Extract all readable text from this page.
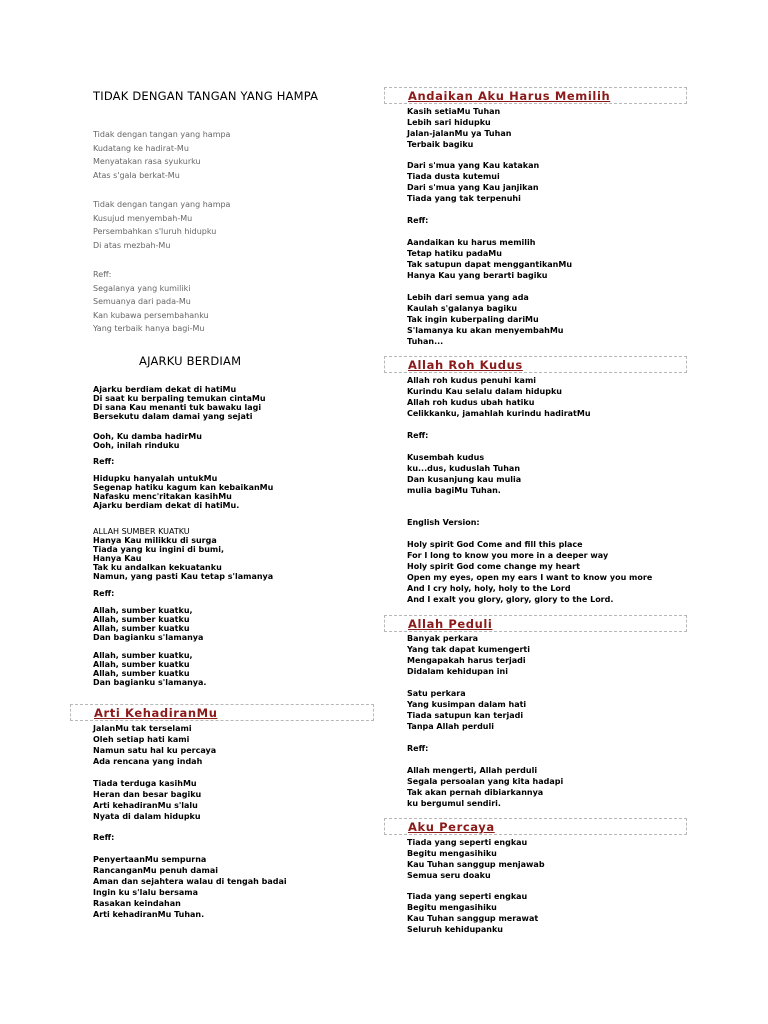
TIDAK DENGAN TANGAN YANG HAMPA
Tidak dengan tangan yang hampa
Kudatang ke hadirat-Mu
Menyatakan rasa syukurku
Atas s'gala berkat-Mu
Tidak dengan tangan yang hampa
Kusujud menyembah-Mu
Persembahkan s'luruh hidupku
Di atas mezbah-Mu
Reff:
Segalanya yang kumiliki
Semuanya dari pada-Mu
Kan kubawa persembahanku
Yang terbaik hanya bagi-Mu
AJARKU BERDIAM
Ajarku berdiam dekat di hatiMu
Di saat ku berpaling temukan cintaMu
Di sana Kau menanti tuk bawaku lagi
Bersekutu dalam damai yang sejati
Ooh, Ku damba hadirMu
Ooh, inilah rinduku
Reff:
Hidupku hanyalah untukMu
Segenap hatiku kagum kan kebaikanMu
Nafasku menc'ritakan kasihMu
Ajarku berdiam dekat di hatiMu.
ALLAH SUMBER KUATKU
Hanya Kau milikku di surga
Tiada yang ku ingini di bumi,
Hanya Kau
Tak ku andalkan kekuatanku
Namun, yang pasti Kau tetap s'lamanya
Reff:
Allah, sumber kuatku,
Allah, sumber kuatku
Allah, sumber kuatku
Dan bagianku s'lamanya
Allah, sumber kuatku,
Allah, sumber kuatku
Allah, sumber kuatku
Dan bagianku s'lamanya.
Arti KehadiranMu
JalanMu tak terselami
Oleh setiap hati kami
Namun satu hal ku percaya
Ada rencana yang indah
Tiada terduga kasihMu
Heran dan besar bagiku
Arti kehadiranMu s'lalu
Nyata di dalam hidupku
Reff:
PenyertaanMu sempurna
RancanganMu penuh damai
Aman dan sejahtera walau di tengah badai
Ingin ku s'lalu bersama
Rasakan keindahan
Arti kehadiranMu Tuhan.
Andaikan Aku Harus Memilih
Kasih setiaMu Tuhan
Lebih sari hidupku
Jalan-jalanMu ya Tuhan
Terbaik bagiku
Dari s'mua yang Kau katakan
Tiada dusta kutemui
Dari s'mua yang Kau janjikan
Tiada yang tak terpenuhi
Reff:
Aandaikan ku harus memilih
Tetap hatiku padaMu
Tak satupun dapat menggantikanMu
Hanya Kau yang berarti bagiku
Lebih dari semua yang ada
Kaulah s'galanya bagiku
Tak ingin kuberpaling dariMu
S'lamanya ku akan menyembahMu
Tuhan...
Allah Roh Kudus
Allah roh kudus penuhi kami
Kurindu Kau selalu dalam hidupku
Allah roh kudus ubah hatiku
Celikkanku, jamahlah kurindu hadiratMu
Reff:
Kusembah kudus
ku...dus, kuduslah Tuhan
Dan kusanjung kau mulia
mulia bagiMu Tuhan.
English Version:
Holy spirit God Come and fill this place
For I long to know you more in a deeper way
Holy spirit God come change my heart
Open my eyes, open my ears I want to know you more
And I cry holy, holy, holy to the Lord
And I exalt you glory, glory, glory to the Lord.
Allah Peduli
Banyak perkara
Yang tak dapat kumengerti
Mengapakah harus terjadi
Didalam kehidupan ini
Satu perkara
Yang kusimpan dalam hati
Tiada satupun kan terjadi
Tanpa Allah perduli
Reff:
Allah mengerti, Allah perduli
Segala persoalan yang kita hadapi
Tak akan pernah dibiarkannya
ku bergumul sendiri.
Aku Percaya
Tiada yang seperti engkau
Begitu mengasihiku
Kau Tuhan sanggup menjawab
Semua seru doaku
Tiada yang seperti engkau
Begitu mengasihiku
Kau Tuhan sanggup merawat
Seluruh kehidupanku
